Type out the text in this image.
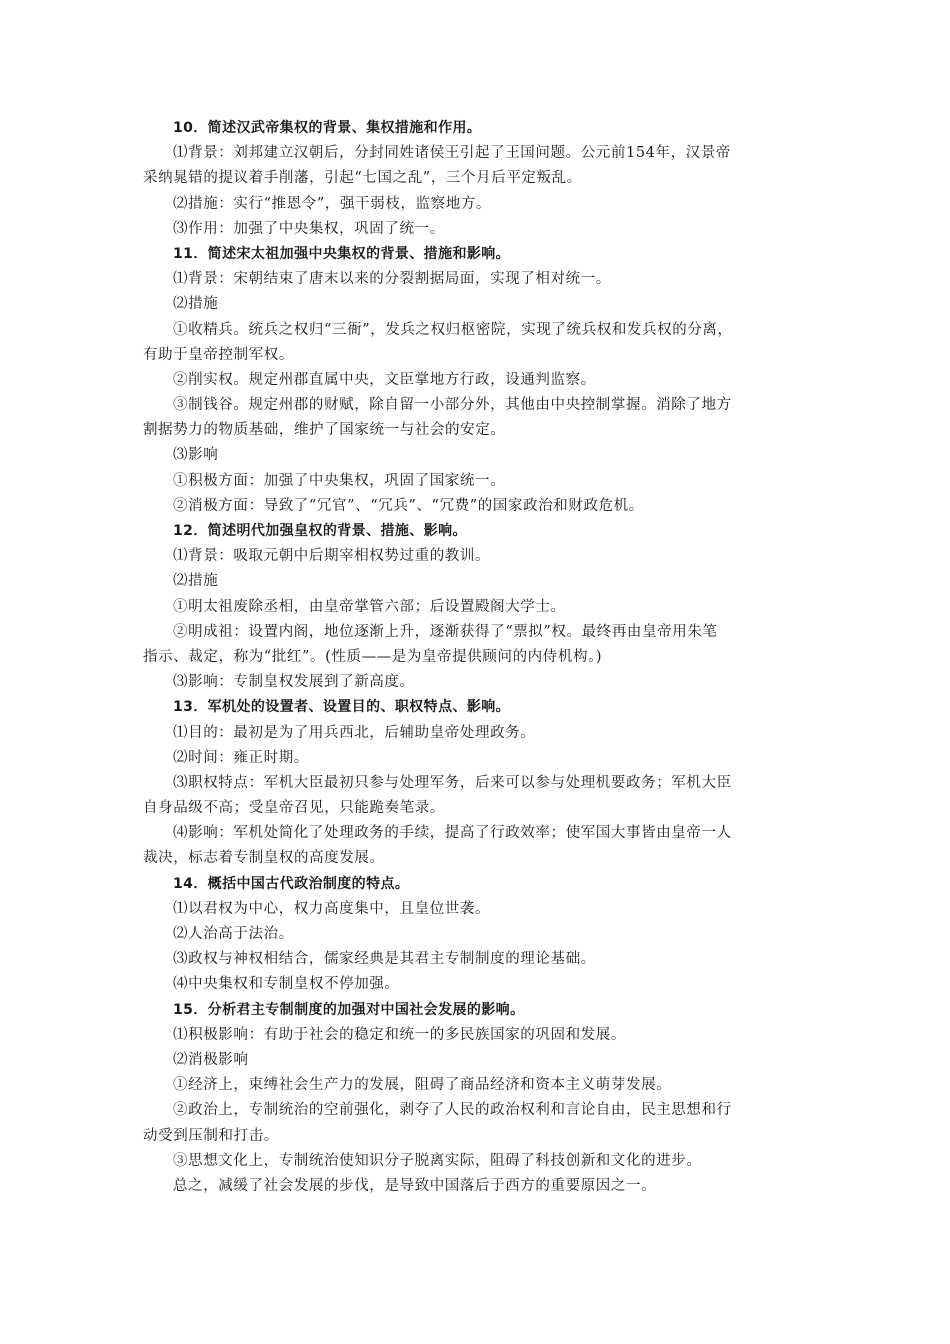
10．简述汉武帝集权的背景、集权措施和作用。
⑴背景：刘邦建立汉朝后，分封同姓诸侯王引起了王国问题。公元前154年，汉景帝
采纳晁错的提议着手削藩，引起“七国之乱”，三个月后平定叛乱。
⑵措施：实行“推恩令”，强干弱枝，监察地方。
⑶作用：加强了中央集权，巩固了统一。
11．简述宋太祖加强中央集权的背景、措施和影响。
⑴背景：宋朝结束了唐末以来的分裂割据局面，实现了相对统一。
⑵措施
①收精兵。统兵之权归“三衙”，发兵之权归枢密院，实现了统兵权和发兵权的分离，
有助于皇帝控制军权。
②削实权。规定州郡直属中央，文臣掌地方行政，设通判监察。
③制钱谷。规定州郡的财赋，除自留一小部分外，其他由中央控制掌握。消除了地方
割据势力的物质基础，维护了国家统一与社会的安定。
⑶影响
①积极方面：加强了中央集权，巩固了国家统一。
②消极方面：导致了“冗官”、“冗兵”、“冗费”的国家政治和财政危机。
12．简述明代加强皇权的背景、措施、影响。
⑴背景：吸取元朝中后期宰相权势过重的教训。
⑵措施
①明太祖废除丞相，由皇帝掌管六部；后设置殿阁大学士。
②明成祖：设置内阁，地位逐渐上升，逐渐获得了“票拟”权。最终再由皇帝用朱笔
指示、裁定，称为“批红”。(性质——是为皇帝提供顾问的内侍机构。)
⑶影响：专制皇权发展到了新高度。
13．军机处的设置者、设置目的、职权特点、影响。
⑴目的：最初是为了用兵西北，后辅助皇帝处理政务。
⑵时间：雍正时期。
⑶职权特点：军机大臣最初只参与处理军务，后来可以参与处理机要政务；军机大臣
自身品级不高；受皇帝召见，只能跪奏笔录。
⑷影响：军机处简化了处理政务的手续，提高了行政效率；使军国大事皆由皇帝一人
裁决，标志着专制皇权的高度发展。
14．概括中国古代政治制度的特点。
⑴以君权为中心，权力高度集中，且皇位世袭。
⑵人治高于法治。
⑶政权与神权相结合，儒家经典是其君主专制制度的理论基础。
⑷中央集权和专制皇权不停加强。
15．分析君主专制制度的加强对中国社会发展的影响。
⑴积极影响：有助于社会的稳定和统一的多民族国家的巩固和发展。
⑵消极影响
①经济上，束缚社会生产力的发展，阻碍了商品经济和资本主义萌芽发展。
②政治上，专制统治的空前强化，剥夺了人民的政治权利和言论自由，民主思想和行
动受到压制和打击。
③思想文化上，专制统治使知识分子脱离实际，阻碍了科技创新和文化的进步。
总之，减缓了社会发展的步伐，是导致中国落后于西方的重要原因之一。
